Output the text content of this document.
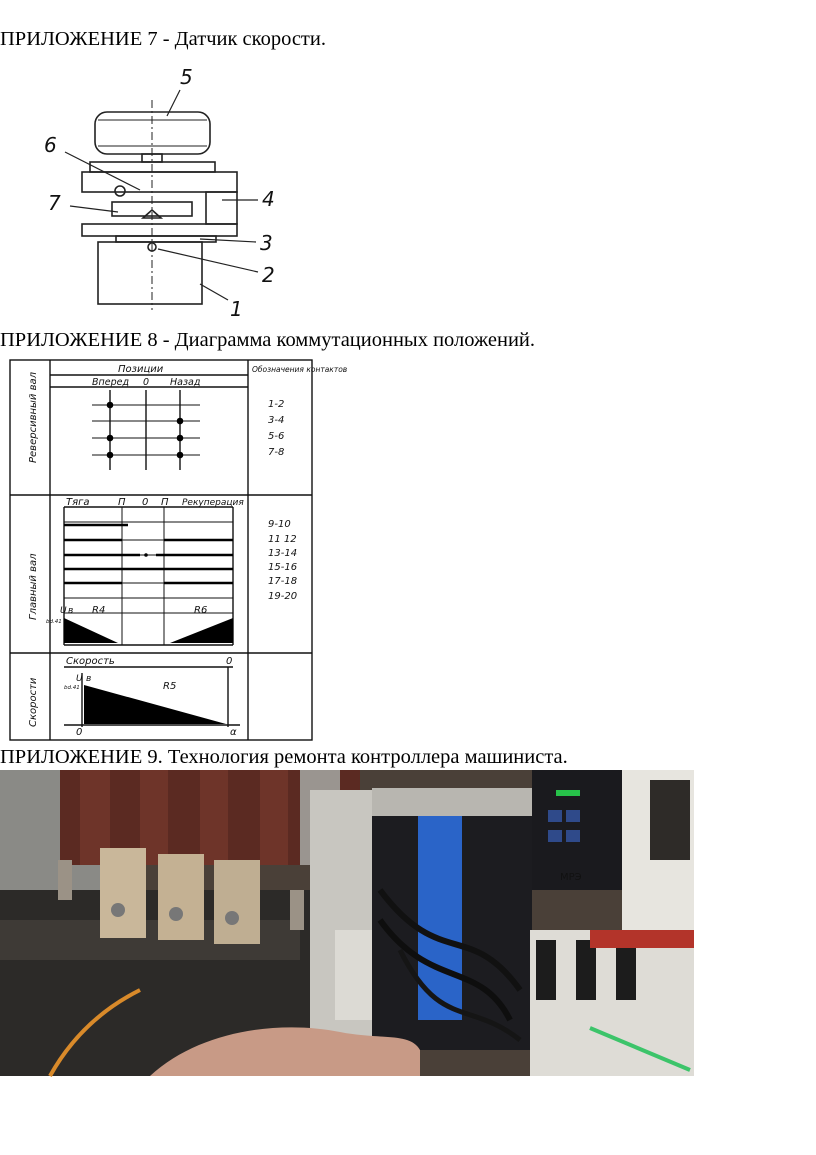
ПРИЛОЖЕНИЕ 7 - Датчик скорости.
5
6
7	4
3
2
1
ПРИЛОЖЕНИЕ 8 - Диаграмма коммутационных положений.
Позиции
Вперед 0 Назад
Обозначения контактов
Реверсивный вал
Главный вал
Скорости
1-2
3-4
5-6
7-8
Тяга	П 0 П Рекуперация
9-10
11 12
13-14
15-16
17-18
19-20
U в
bd.41
R4	R6
Скорость	0
U в
bd.41	R5
0	α
ПРИЛОЖЕНИЕ 9. Технология ремонта контроллера машиниста.
МРЭ
